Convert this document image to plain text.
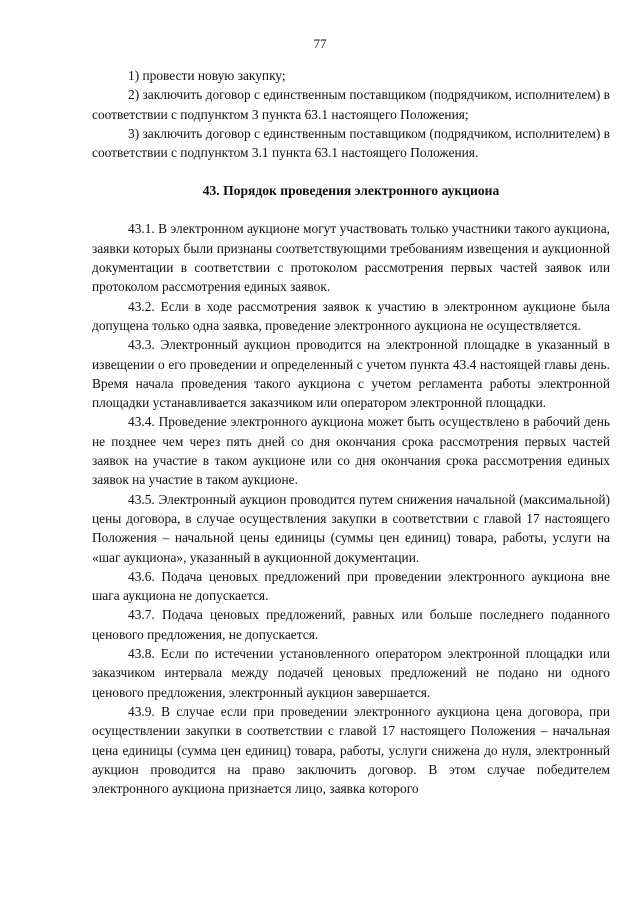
77

1) провести новую закупку;

2) заключить договор с единственным поставщиком (подрядчиком, исполнителем) в соответствии с подпунктом 3 пункта 63.1 настоящего Положения;

3) заключить договор с единственным поставщиком (подрядчиком, исполнителем) в соответствии с подпунктом 3.1 пункта 63.1 настоящего Положения.

43. Порядок проведения электронного аукциона

43.1. В электронном аукционе могут участвовать только участники такого аукциона, заявки которых были признаны соответствующими требованиям извещения и аукционной документации в соответствии с протоколом рассмотрения первых частей заявок или протоколом рассмотрения единых заявок.

43.2. Если в ходе рассмотрения заявок к участию в электронном аукционе была допущена только одна заявка, проведение электронного аукциона не осуществляется.

43.3. Электронный аукцион проводится на электронной площадке в указанный в извещении о его проведении и определенный с учетом пункта 43.4 настоящей главы день. Время начала проведения такого аукциона с учетом регламента работы электронной площадки устанавливается заказчиком или оператором электронной площадки.

43.4. Проведение электронного аукциона может быть осуществлено в рабочий день не позднее чем через пять дней со дня окончания срока рассмотрения первых частей заявок на участие в таком аукционе или со дня окончания срока рассмотрения единых заявок на участие в таком аукционе.

43.5. Электронный аукцион проводится путем снижения начальной (максимальной) цены договора, в случае осуществления закупки в соответствии с главой 17 настоящего Положения – начальной цены единицы (суммы цен единиц) товара, работы, услуги на «шаг аукциона», указанный в аукционной документации.

43.6. Подача ценовых предложений при проведении электронного аукциона вне шага аукциона не допускается.

43.7. Подача ценовых предложений, равных или больше последнего поданного ценового предложения, не допускается.

43.8. Если по истечении установленного оператором электронной площадки или заказчиком интервала между подачей ценовых предложений не подано ни одного ценового предложения, электронный аукцион завершается.

43.9. В случае если при проведении электронного аукциона цена договора, при осуществлении закупки в соответствии с главой 17 настоящего Положения – начальная цена единицы (сумма цен единиц) товара, работы, услуги снижена до нуля, электронный аукцион проводится на право заключить договор. В этом случае победителем электронного аукциона признается лицо, заявка которого
